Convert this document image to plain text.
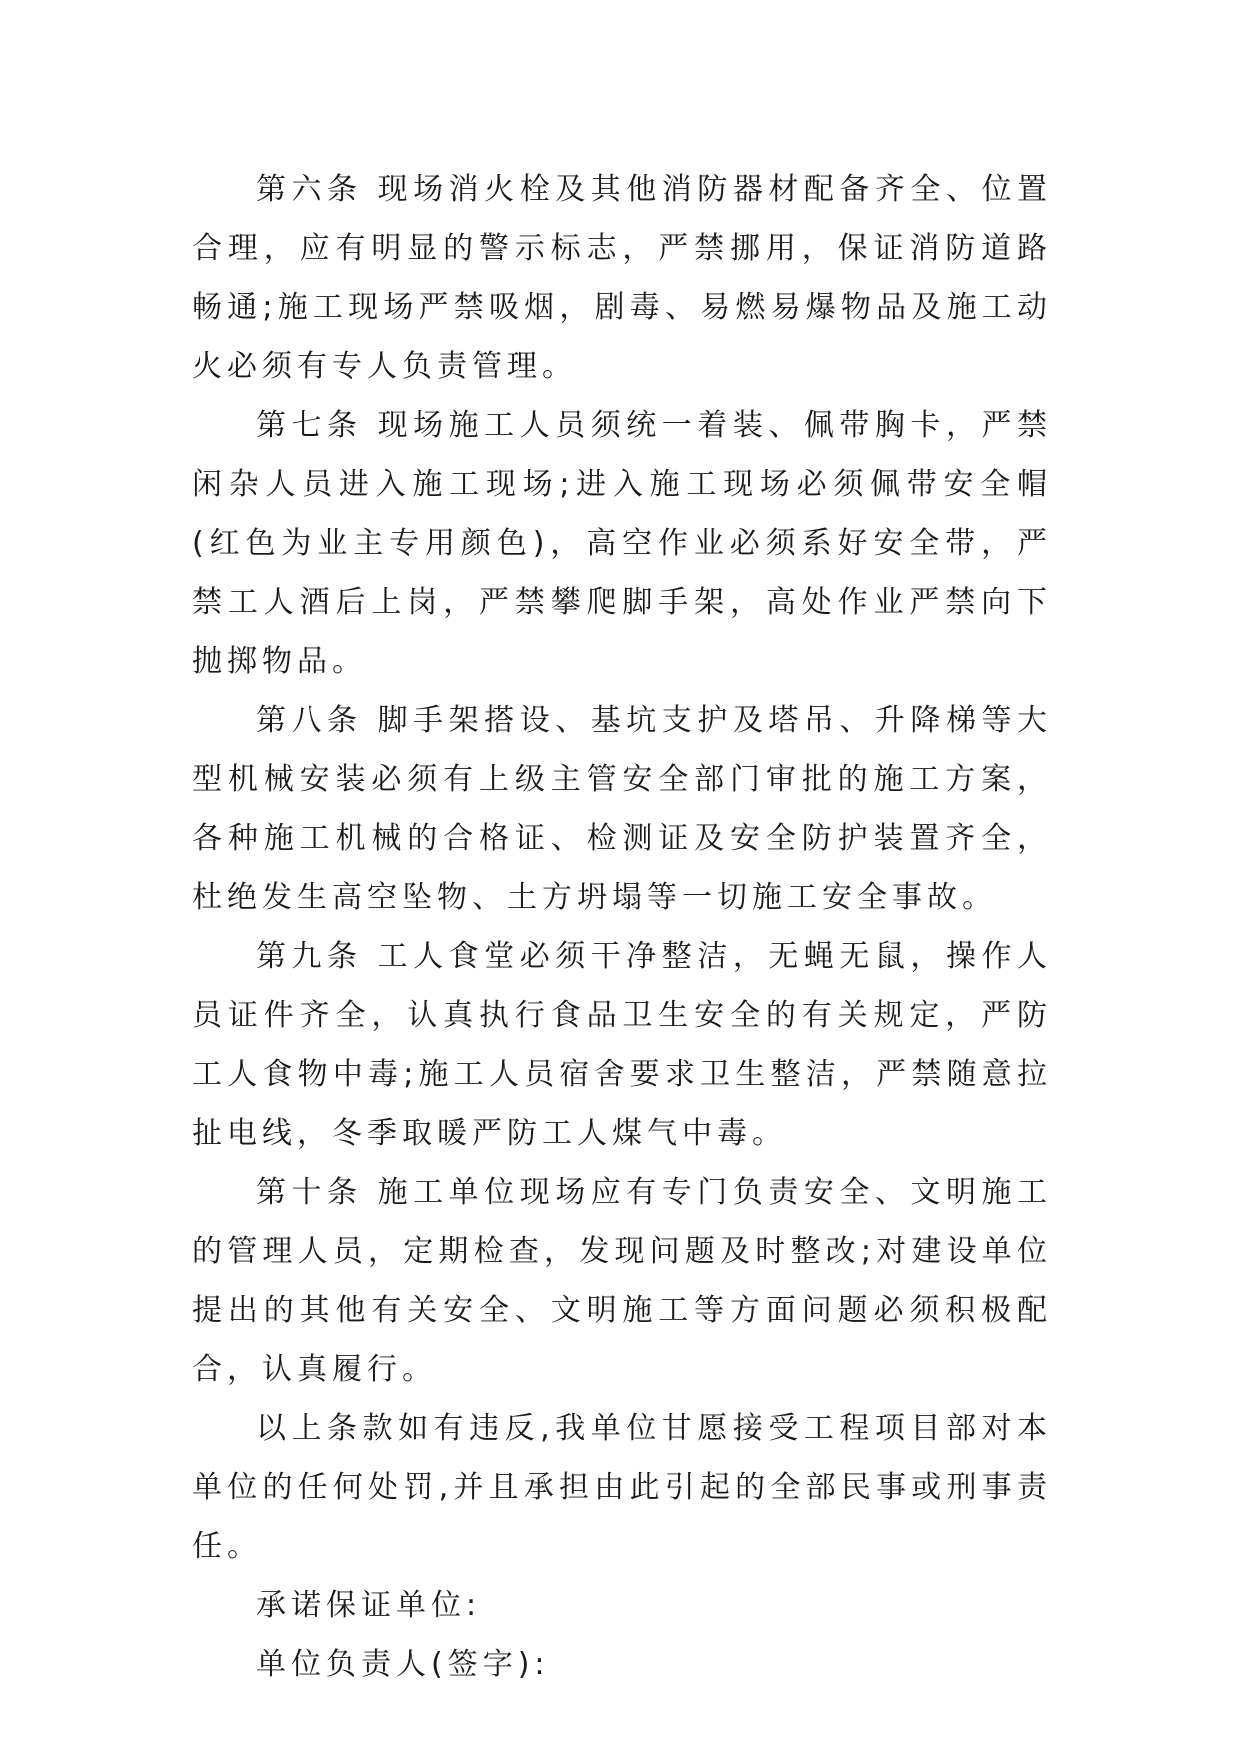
第六条 现场消火栓及其他消防器材配备齐全、位置合理，应有明显的警示标志，严禁挪用，保证消防道路畅通;施工现场严禁吸烟，剧毒、易燃易爆物品及施工动火必须有专人负责管理。

第七条 现场施工人员须统一着装、佩带胸卡，严禁闲杂人员进入施工现场;进入施工现场必须佩带安全帽(红色为业主专用颜色)，高空作业必须系好安全带，严禁工人酒后上岗，严禁攀爬脚手架，高处作业严禁向下抛掷物品。

第八条 脚手架搭设、基坑支护及塔吊、升降梯等大型机械安装必须有上级主管安全部门审批的施工方案，各种施工机械的合格证、检测证及安全防护装置齐全，杜绝发生高空坠物、土方坍塌等一切施工安全事故。

第九条 工人食堂必须干净整洁，无蝇无鼠，操作人员证件齐全，认真执行食品卫生安全的有关规定，严防工人食物中毒;施工人员宿舍要求卫生整洁，严禁随意拉扯电线，冬季取暖严防工人煤气中毒。

第十条 施工单位现场应有专门负责安全、文明施工的管理人员，定期检查，发现问题及时整改;对建设单位提出的其他有关安全、文明施工等方面问题必须积极配合，认真履行。

以上条款如有违反,我单位甘愿接受工程项目部对本单位的任何处罚,并且承担由此引起的全部民事或刑事责任。

承诺保证单位:

单位负责人(签字):
